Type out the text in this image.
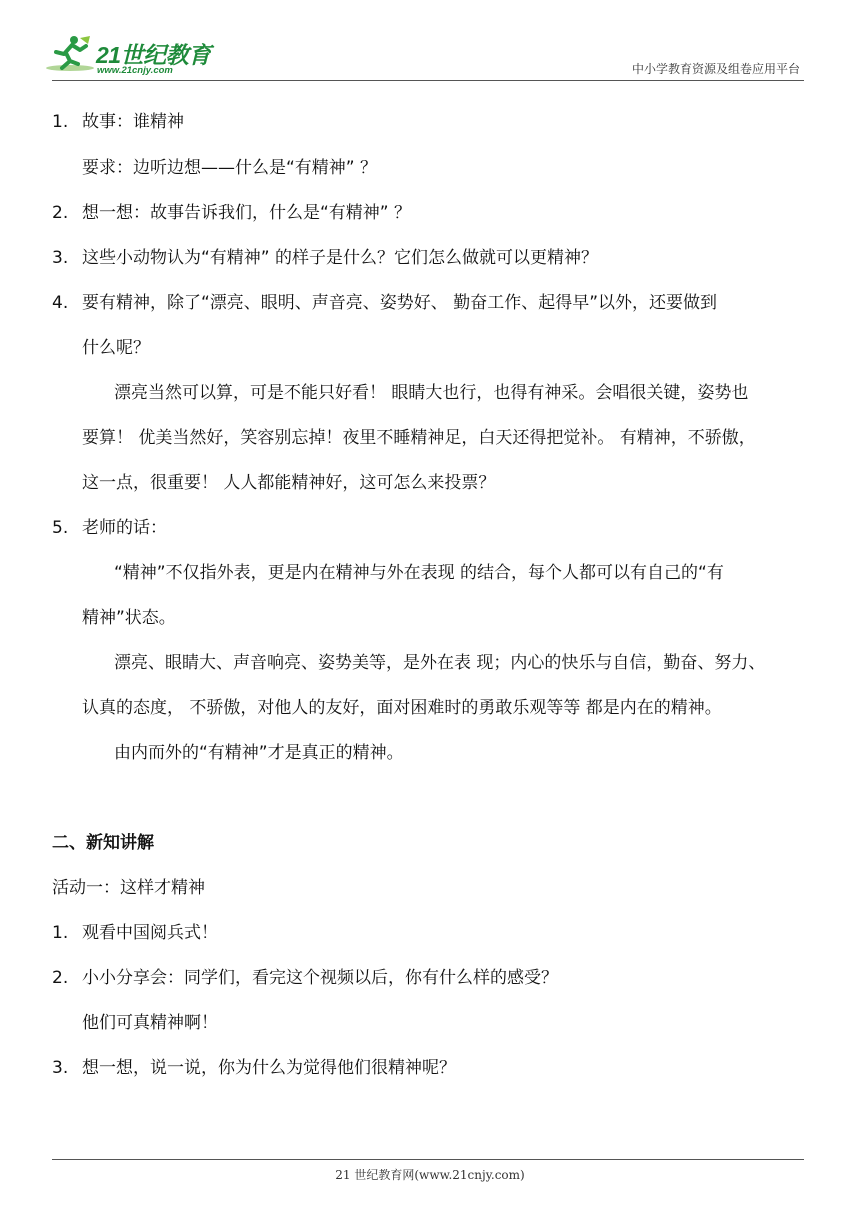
21世纪教育
www.21cnjy.com	中小学教育资源及组卷应用平台
1. 故事：谁精神
要求：边听边想——什么是“有精神” ？
2. 想一想：故事告诉我们，什么是“有精神” ？
3. 这些小动物认为“有精神” 的样子是什么？它们怎么做就可以更精神？
4. 要有精神，除了“漂亮、眼明、声音亮、姿势好、 勤奋工作、起得早”以外，还要做到
什么呢？
漂亮当然可以算，可是不能只好看！ 眼睛大也行，也得有神采。会唱很关键，姿势也
要算！ 优美当然好，笑容别忘掉！夜里不睡精神足，白天还得把觉补。 有精神，不骄傲，
这一点，很重要！ 人人都能精神好，这可怎么来投票？
5. 老师的话：
“精神”不仅指外表，更是内在精神与外在表现 的结合，每个人都可以有自己的“有
精神”状态。
漂亮、眼睛大、声音响亮、姿势美等，是外在表 现；内心的快乐与自信，勤奋、努力、
认真的态度， 不骄傲，对他人的友好，面对困难时的勇敢乐观等等 都是内在的精神。
由内而外的“有精神”才是真正的精神。
二、新知讲解
活动一：这样才精神
1. 观看中国阅兵式！
2. 小小分享会：同学们，看完这个视频以后，你有什么样的感受？
他们可真精神啊！
3. 想一想，说一说，你为什么为觉得他们很精神呢？
21 世纪教育网(www.21cnjy.com)
